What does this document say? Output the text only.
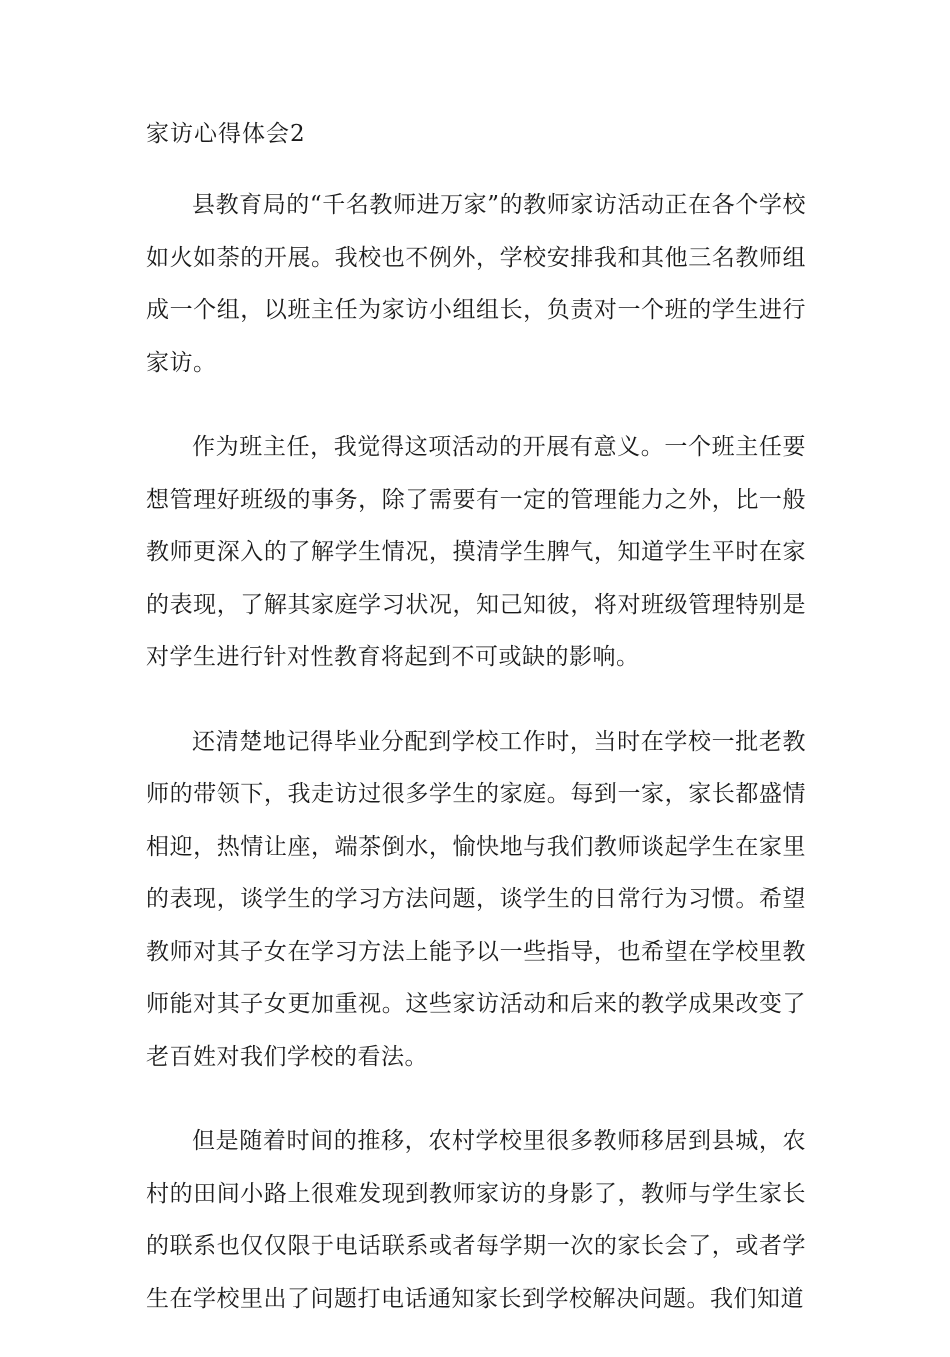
家访心得体会2

县教育局的“千名教师进万家”的教师家访活动正在各个学校如火如荼的开展。我校也不例外，学校安排我和其他三名教师组成一个组，以班主任为家访小组组长，负责对一个班的学生进行家访。

作为班主任，我觉得这项活动的开展有意义。一个班主任要想管理好班级的事务，除了需要有一定的管理能力之外，比一般教师更深入的了解学生情况，摸清学生脾气，知道学生平时在家的表现，了解其家庭学习状况，知己知彼，将对班级管理特别是对学生进行针对性教育将起到不可或缺的影响。

还清楚地记得毕业分配到学校工作时，当时在学校一批老教师的带领下，我走访过很多学生的家庭。每到一家，家长都盛情相迎，热情让座，端茶倒水，愉快地与我们教师谈起学生在家里的表现，谈学生的学习方法问题，谈学生的日常行为习惯。希望教师对其子女在学习方法上能予以一些指导，也希望在学校里教师能对其子女更加重视。这些家访活动和后来的教学成果改变了老百姓对我们学校的看法。

但是随着时间的推移，农村学校里很多教师移居到县城，农村的田间小路上很难发现到教师家访的身影了，教师与学生家长的联系也仅仅限于电话联系或者每学期一次的家长会了，或者学生在学校里出了问题打电话通知家长到学校解决问题。我们知道
